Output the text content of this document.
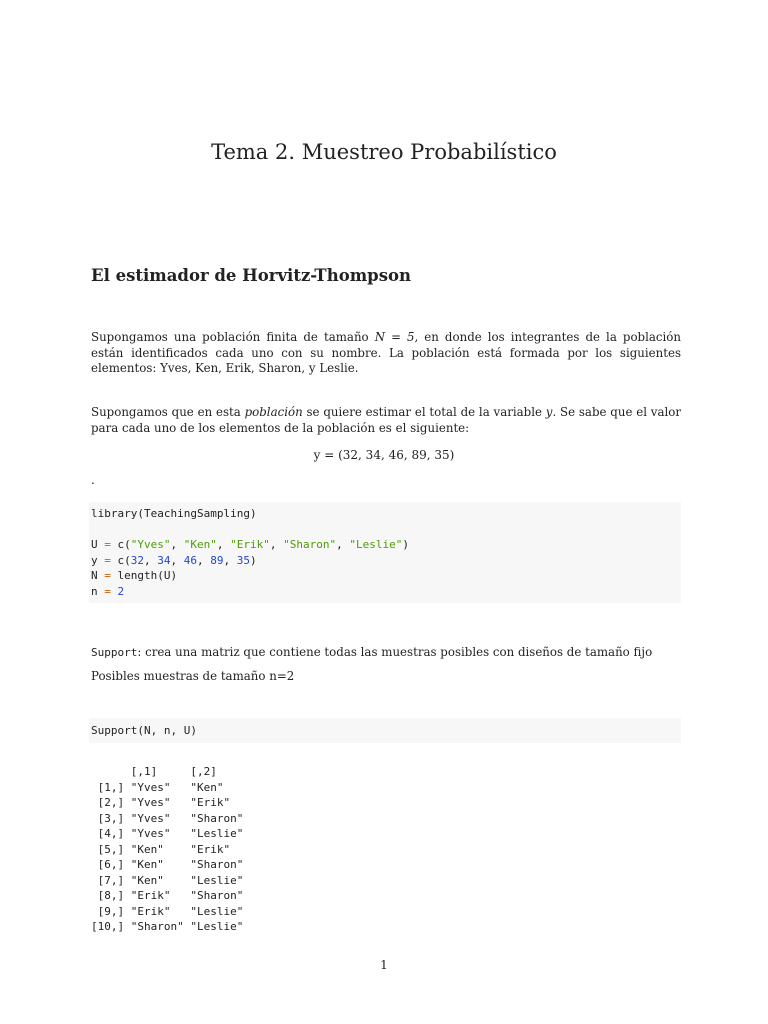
Tema 2. Muestreo Probabilístico
El estimador de Horvitz-Thompson
Supongamos una población finita de tamaño N = 5, en donde los integrantes de la población están identificados cada uno con su nombre. La población está formada por los siguientes elementos: Yves, Ken, Erik, Sharon, y Leslie.
Supongamos que en esta población se quiere estimar el total de la variable y. Se sabe que el valor para cada uno de los elementos de la población es el siguiente:
y = (32, 34, 46, 89, 35)
.
library(TeachingSampling)
U = c("Yves", "Ken", "Erik", "Sharon", "Leslie")
y = c(32, 34, 46, 89, 35)
N = length(U)
n = 2
Support: crea una matriz que contiene todas las muestras posibles con diseños de tamaño fijo
Posibles muestras de tamaño n=2
Support(N, n, U)
[,1]     [,2]
[1,] "Yves"   "Ken"
[2,] "Yves"   "Erik"
[3,] "Yves"   "Sharon"
[4,] "Yves"   "Leslie"
[5,] "Ken"    "Erik"
[6,] "Ken"    "Sharon"
[7,] "Ken"    "Leslie"
[8,] "Erik"   "Sharon"
[9,] "Erik"   "Leslie"
[10,] "Sharon" "Leslie"
1
